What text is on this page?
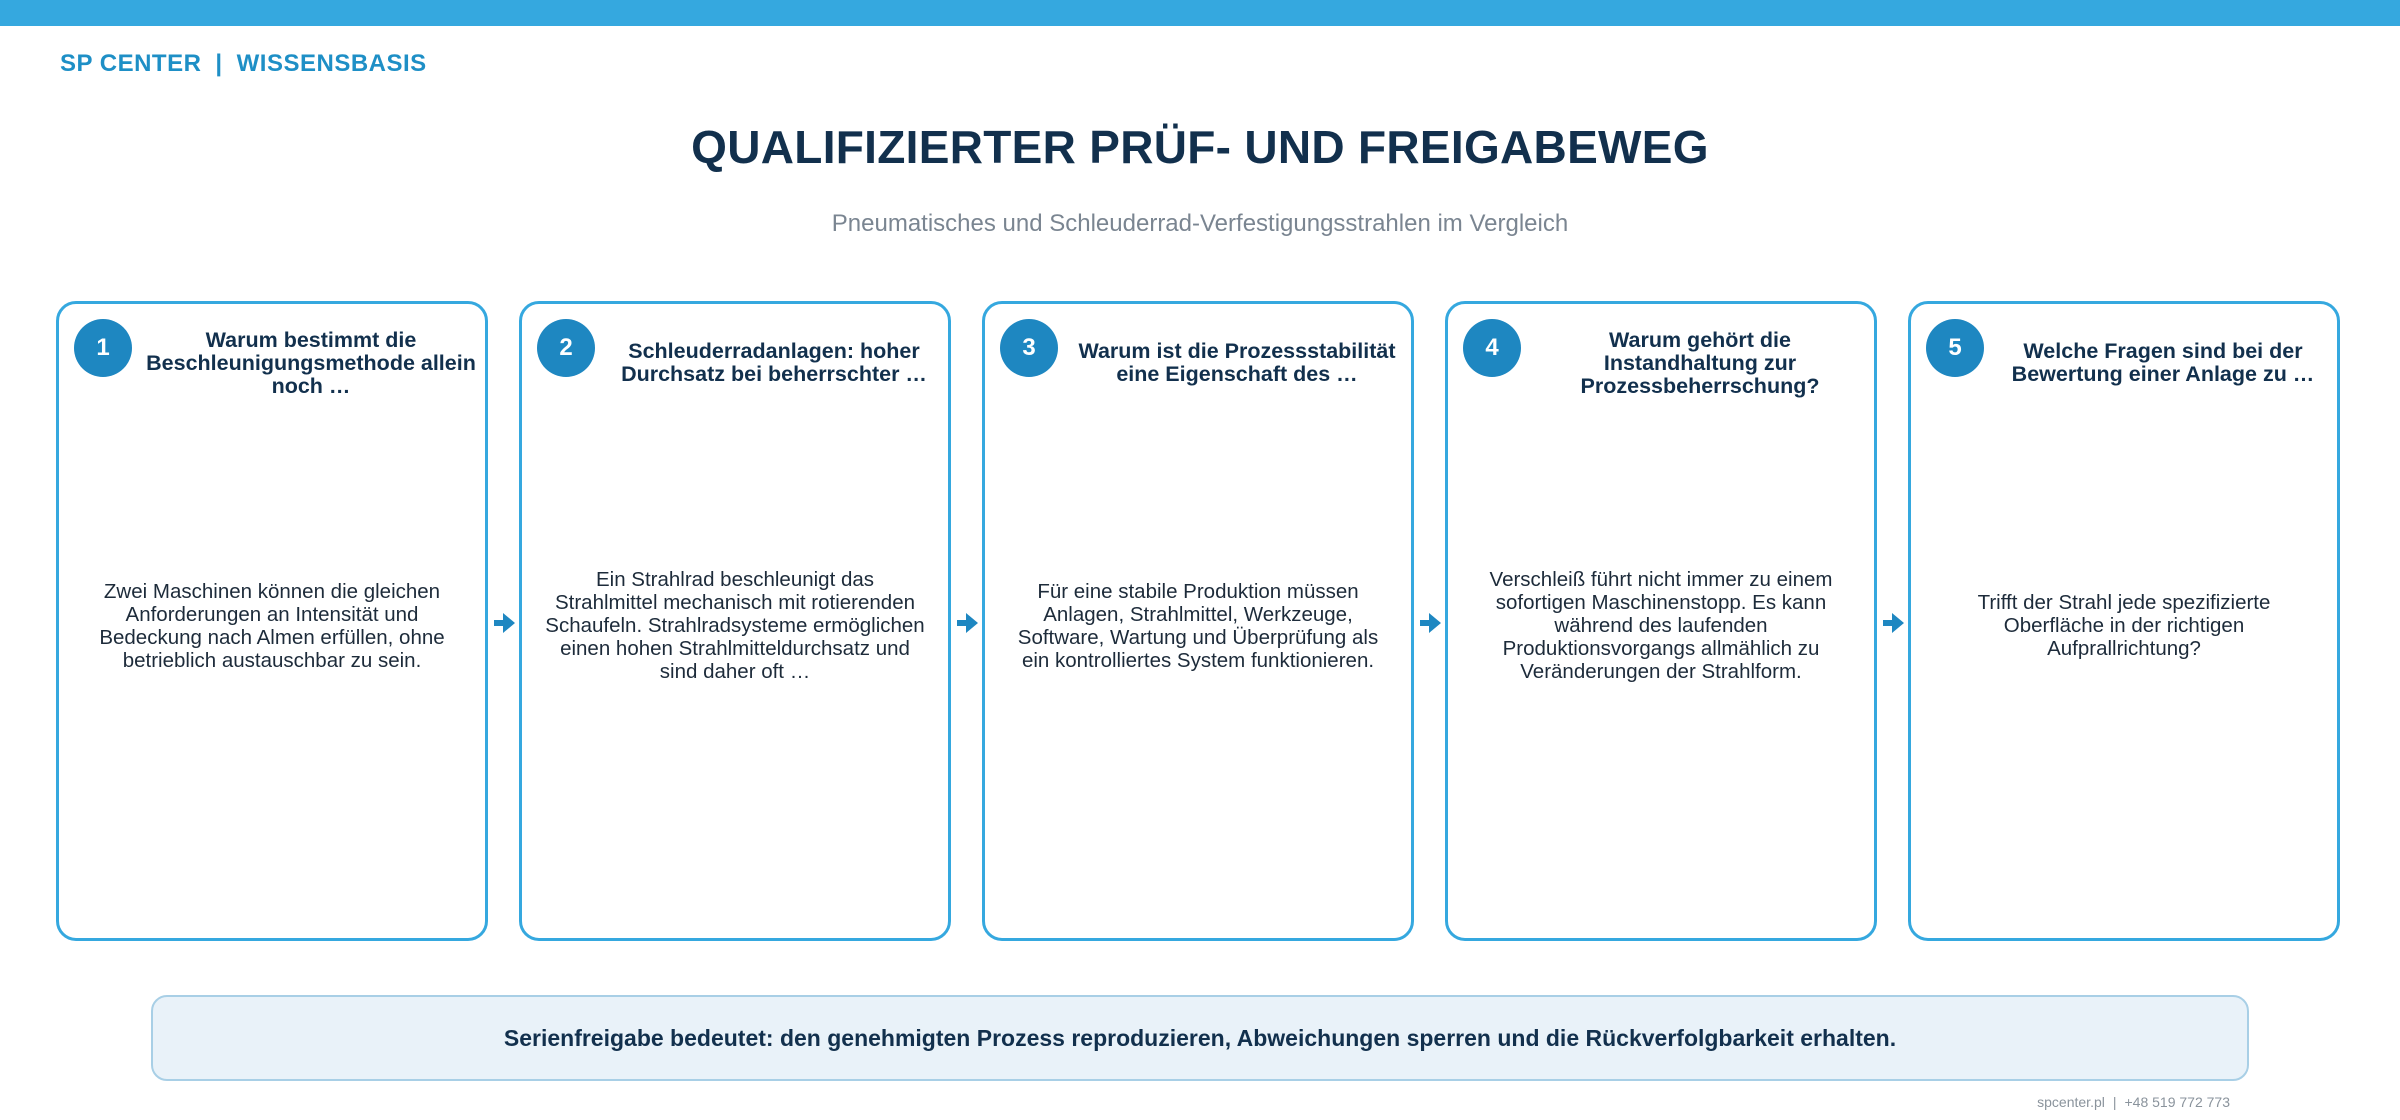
SP CENTER | WISSENSBASIS
QUALIFIZIERTER PRÜF- UND FREIGABEWEG
Pneumatisches und Schleuderrad-Verfestigungsstrahlen im Vergleich
1	Warum bestimmt die Beschleunigungsmethode allein noch …
Zwei Maschinen können die gleichen Anforderungen an Intensität und Bedeckung nach Almen erfüllen, ohne betrieblich austauschbar zu sein.
2	Schleuderradanlagen: hoher Durchsatz bei beherrschter …
Ein Strahlrad beschleunigt das Strahlmittel mechanisch mit rotierenden Schaufeln. Strahlradsysteme ermöglichen einen hohen Strahlmitteldurchsatz und sind daher oft …
3	Warum ist die Prozessstabilität eine Eigenschaft des …
Für eine stabile Produktion müssen Anlagen, Strahlmittel, Werkzeuge, Software, Wartung und Überprüfung als ein kontrolliertes System funktionieren.
4	Warum gehört die Instandhaltung zur Prozessbeherrschung?
Verschleiß führt nicht immer zu einem sofortigen Maschinenstopp. Es kann während des laufenden Produktionsvorgangs allmählich zu Veränderungen der Strahlform.
5	Welche Fragen sind bei der Bewertung einer Anlage zu …
Trifft der Strahl jede spezifizierte Oberfläche in der richtigen Aufprallrichtung?
Serienfreigabe bedeutet: den genehmigten Prozess reproduzieren, Abweichungen sperren und die Rückverfolgbarkeit erhalten.
spcenter.pl | +48 519 772 773
